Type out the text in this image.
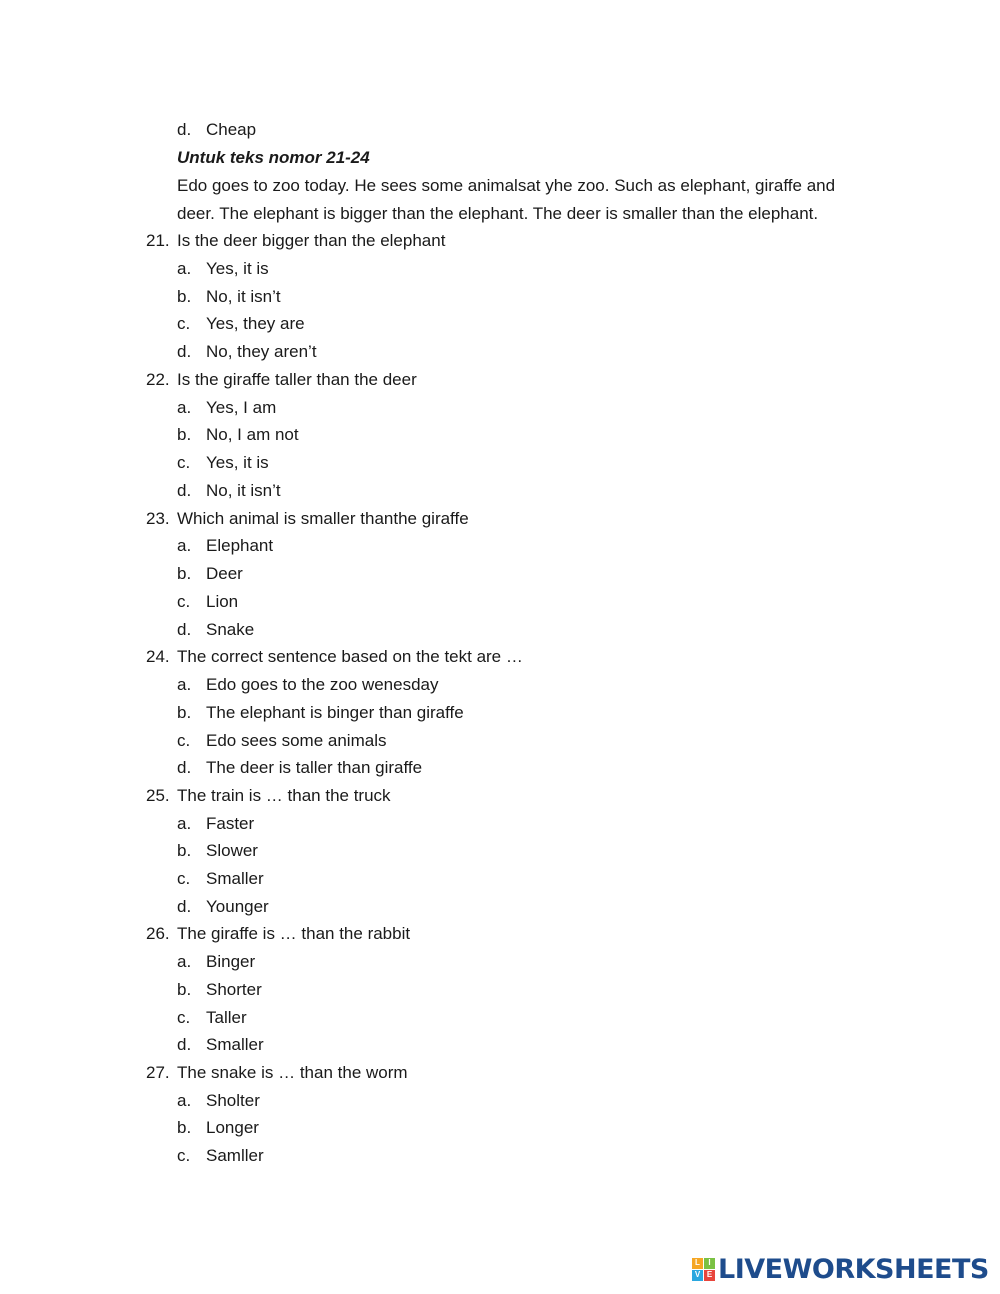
d. Cheap
Untuk teks nomor 21-24
Edo goes to zoo today. He sees some animalsat yhe zoo. Such as elephant, giraffe and
deer. The elephant is bigger than the elephant. The deer is smaller than the elephant.
21. Is the deer bigger than the elephant
a. Yes, it is
b. No, it isn’t
c. Yes, they are
d. No, they aren’t
22. Is the giraffe taller than the deer
a. Yes, I am
b. No, I am not
c. Yes, it is
d. No, it isn’t
23. Which animal is smaller thanthe giraffe
a. Elephant
b. Deer
c. Lion
d. Snake
24. The correct sentence based on the tekt are …
a. Edo goes to the zoo wenesday
b. The elephant is binger than giraffe
c. Edo sees some animals
d. The deer is taller than giraffe
25. The train is … than the truck
a. Faster
b. Slower
c. Smaller
d. Younger
26. The giraffe is … than the rabbit
a. Binger
b. Shorter
c. Taller
d. Smaller
27. The snake is … than the worm
a. Sholter
b. Longer
c. Samller
L	I
V E LIVEWORKSHEETS
